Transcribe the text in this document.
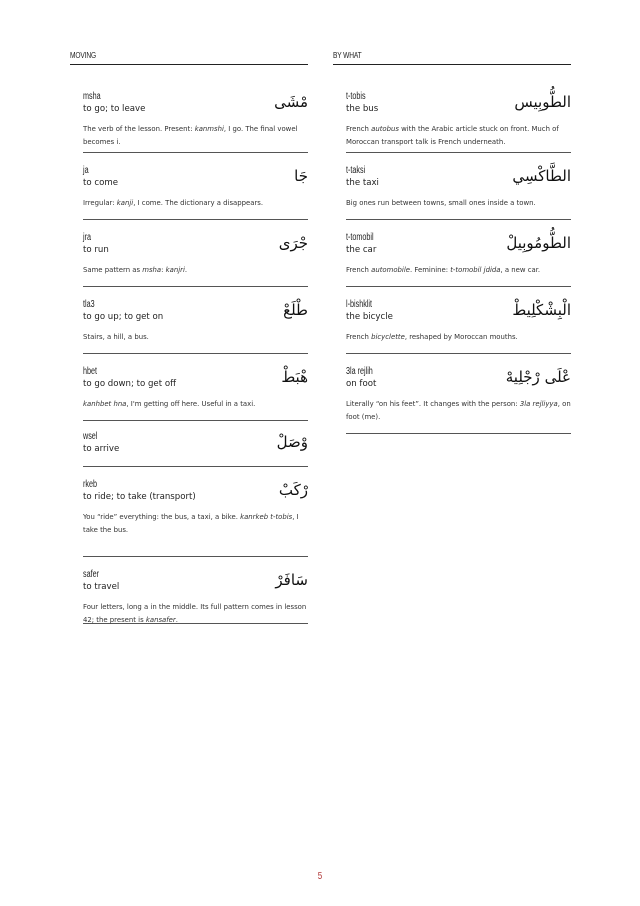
MOVING
msha
to go; to leave	مْشَى
The verb of the lesson. Present: kanmshi, I go. The final vowel becomes i.
ja
to come	جَا
Irregular: kanji, I come. The dictionary a disappears.
jra
to run	جْرَى
Same pattern as msha: kanjri.
tla3
to go up; to get on	طْلَعْ
Stairs, a hill, a bus.
hbet
to go down; to get off	هْبَطْ
kanhbet hna, I'm getting off here. Useful in a taxi.
wsel
to arrive	وْصَلْ
rkeb
to ride; to take (transport)	رْكَبْ
You “ride” everything: the bus, a taxi, a bike. kanrkeb t-tobis, I take the bus.
safer
to travel	سَافَرْ
Four letters, long a in the middle. Its full pattern comes in lesson 42; the present is kansafer.
BY WHAT
t-tobis
the bus	الطُّوبِيس
French autobus with the Arabic article stuck on front. Much of Moroccan transport talk is French underneath.
t-taksi
the taxi	الطَّاكْسِي
Big ones run between towns, small ones inside a town.
t-tomobil
the car	الطُّومُوبِيلْ
French automobile. Feminine: t-tomobil jdida, a new car.
l-bishklit
the bicycle	الْبِشْكْلِيطْ
French bicyclette, reshaped by Moroccan mouths.
3la rejlih
on foot	عْلَى رْجْلِيهْ
Literally “on his feet”. It changes with the person: 3la rejliyya, on foot (me).
5
